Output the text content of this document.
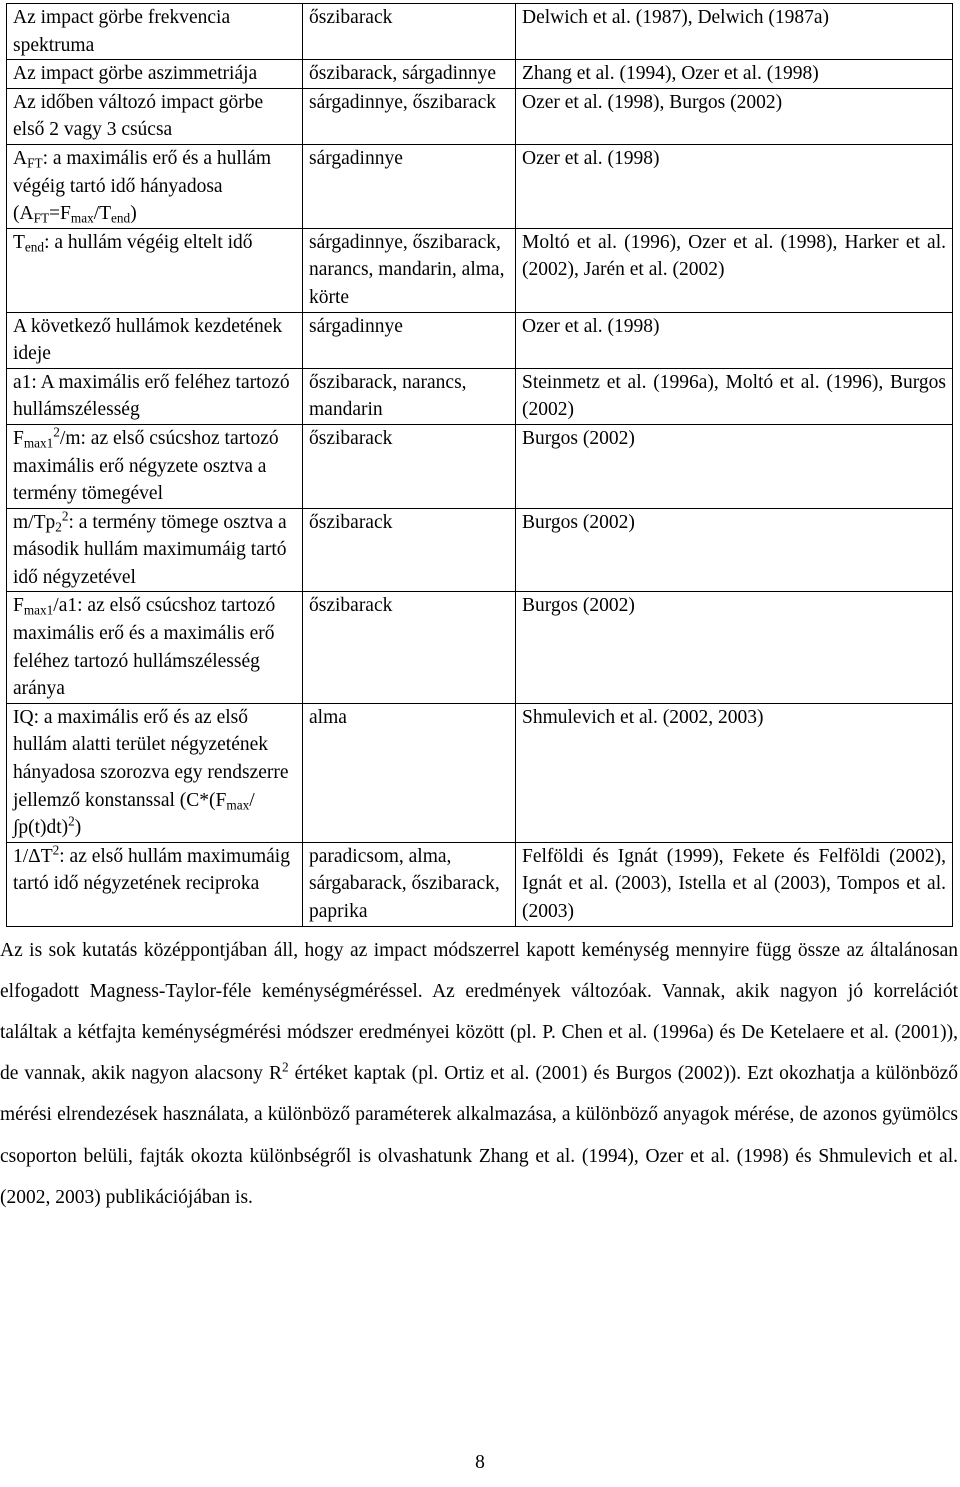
Az impact görbe frekvencia spektruma	őszibarack	Delwich et al. (1987), Delwich (1987a)
Az impact görbe aszimmetriája	őszibarack, sárgadinnye	Zhang et al. (1994), Ozer et al. (1998)
Az időben változó impact görbe első 2 vagy 3 csúcsa	sárgadinnye, őszibarack	Ozer et al. (1998), Burgos (2002)
$A_{FT}$: a maximális erő és a hullám végéig tartó idő hányadosa $(A_{FT}=F_{max}/T_{end})$	sárgadinnye	Ozer et al. (1998)
$T_{end}$: a hullám végéig eltelt idő	sárgadinnye, őszibarack, narancs, mandarin, alma, körte	Moltó et al. (1996), Ozer et al. (1998), Harker et al. (2002), Jarén et al. (2002)
A következő hullámok kezdetének ideje	sárgadinnye	Ozer et al. (1998)
a1: A maximális erő feléhez tartozó hullámszélesség	őszibarack, narancs, mandarin	Steinmetz et al. (1996a), Moltó et al. (1996), Burgos (2002)
$F_{max1}^2/m$: az első csúcshoz tartozó maximális erő négyzete osztva a termény tömegével	őszibarack	Burgos (2002)
$m/Tp_2^2$: a termény tömege osztva a második hullám maximumáig tartó idő négyzetével	őszibarack	Burgos (2002)
$F_{max1}/a1$: az első csúcshoz tartozó maximális erő és a maximális erő feléhez tartozó hullámszélesség aránya	őszibarack	Burgos (2002)
IQ: a maximális erő és az első hullám alatti terület négyzetének hányadosa szorozva egy rendszerre jellemző konstanssal $(C*(F_{max}/\int p(t)dt)^2)$	alma	Shmulevich et al. (2002, 2003)
$1/\Delta T^2$: az első hullám maximumáig tartó idő négyzetének reciproka	paradicsom, alma, sárgabarack, őszibarack, paprika	Felföldi és Ignát (1999), Fekete és Felföldi (2002), Ignát et al. (2003), Istella et al (2003), Tompos et al. (2003)

Az is sok kutatás középpontjában áll, hogy az impact módszerrel kapott keménység mennyire függ össze az általánosan elfogadott Magness-Taylor-féle keménységméréssel. Az eredmények változóak. Vannak, akik nagyon jó korrelációt találtak a kétfajta keménységmérési módszer eredményei között (pl. P. Chen et al. (1996a) és De Ketelaere et al. (2001)), de vannak, akik nagyon alacsony $R^2$ értéket kaptak (pl. Ortiz et al. (2001) és Burgos (2002)). Ezt okozhatja a különböző mérési elrendezések használata, a különböző paraméterek alkalmazása, a különböző anyagok mérése, de azonos gyümölcs csoporton belüli, fajták okozta különbségről is olvashatunk Zhang et al. (1994), Ozer et al. (1998) és Shmulevich et al. (2002, 2003) publikációjában is.

8
